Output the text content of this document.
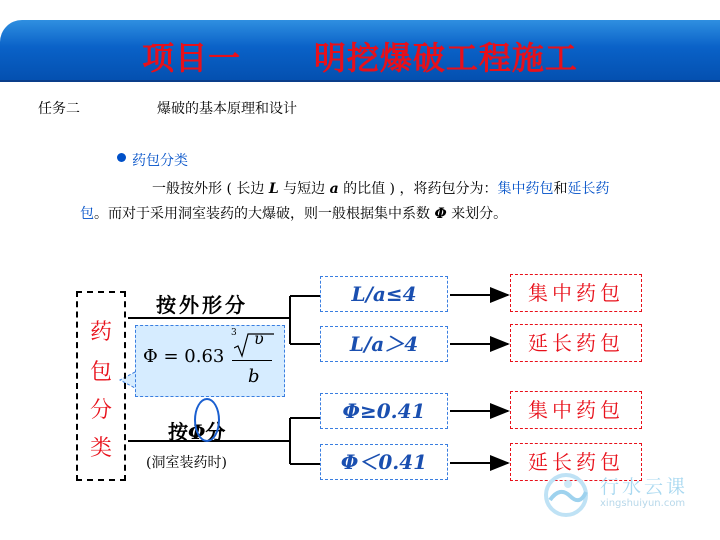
项目一      明挖爆破工程施工
任务二	爆破的基本原理和设计
药包分类
一般按外形 ( 长边 L 与短边 a 的比值 ) ，将药包分为：集中药包和延长药包。而对于采用洞室装药的大爆破，则一般根据集中系数 Φ 来划分。
药
包
分
类
按外形分
按Φ分
(洞室装药时)
Φ = 0.63
3 υ
b
L/a≤4
L/a＞4
Φ≥0.41
Φ＜0.41
集中药包
延长药包
集中药包
延长药包
行水云课
xingshuiyun.com
